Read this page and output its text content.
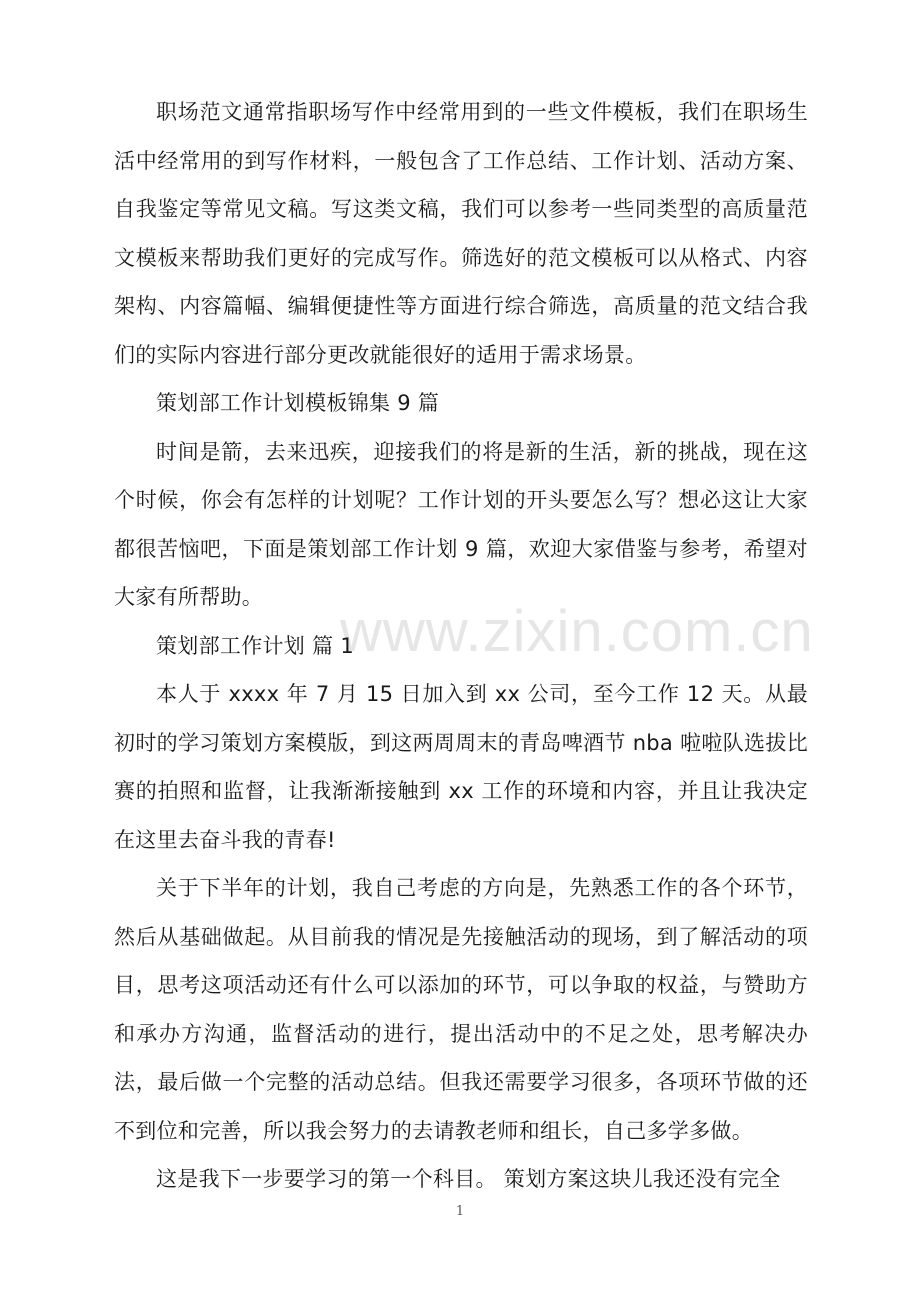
www.zixin.com.cn

职场范文通常指职场写作中经常用到的一些文件模板，我们在职场生活中经常用的到写作材料，一般包含了工作总结、工作计划、活动方案、自我鉴定等常见文稿。写这类文稿，我们可以参考一些同类型的高质量范文模板来帮助我们更好的完成写作。筛选好的范文模板可以从格式、内容架构、内容篇幅、编辑便捷性等方面进行综合筛选，高质量的范文结合我们的实际内容进行部分更改就能很好的适用于需求场景。

策划部工作计划模板锦集 9 篇

时间是箭，去来迅疾，迎接我们的将是新的生活，新的挑战，现在这个时候，你会有怎样的计划呢？工作计划的开头要怎么写？想必这让大家都很苦恼吧，下面是策划部工作计划 9 篇，欢迎大家借鉴与参考，希望对大家有所帮助。

策划部工作计划 篇 1

本人于 xxxx 年 7 月 15 日加入到 xx 公司，至今工作 12 天。从最初时的学习策划方案模版，到这两周周末的青岛啤酒节 nba 啦啦队选拔比赛的拍照和监督，让我渐渐接触到 xx 工作的环境和内容，并且让我决定在这里去奋斗我的青春!

关于下半年的计划，我自己考虑的方向是，先熟悉工作的各个环节，然后从基础做起。从目前我的情况是先接触活动的现场，到了解活动的项目，思考这项活动还有什么可以添加的环节，可以争取的权益，与赞助方和承办方沟通，监督活动的进行，提出活动中的不足之处，思考解决办法，最后做一个完整的活动总结。但我还需要学习很多，各项环节做的还不到位和完善，所以我会努力的去请教老师和组长，自己多学多做。

这是我下一步要学习的第一个科目。 策划方案这块儿我还没有完全

1
